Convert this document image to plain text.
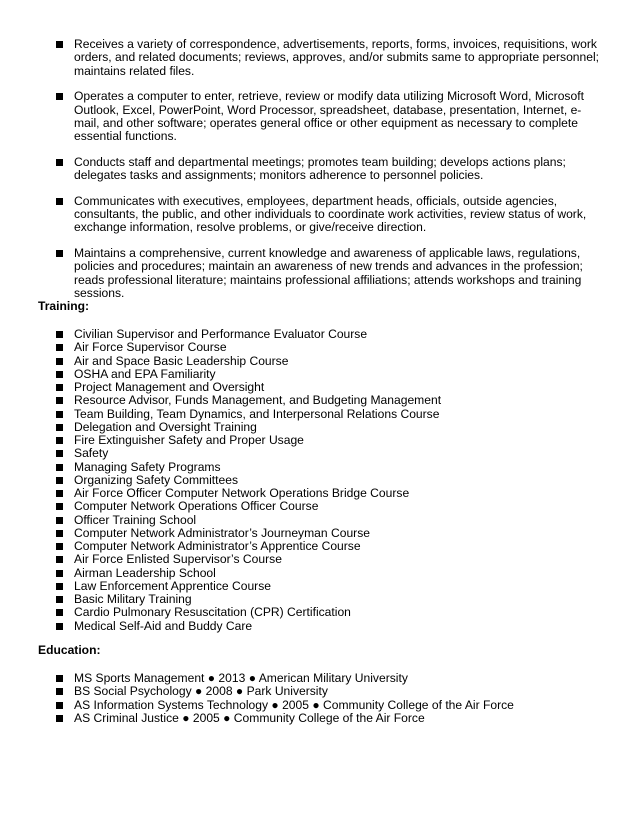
Receives a variety of correspondence, advertisements, reports, forms, invoices, requisitions, work orders, and related documents; reviews, approves, and/or submits same to appropriate personnel; maintains related files.
Operates a computer to enter, retrieve, review or modify data utilizing Microsoft Word, Microsoft Outlook, Excel, PowerPoint, Word Processor, spreadsheet, database, presentation, Internet, e-mail, and other software; operates general office or other equipment as necessary to complete essential functions.
Conducts staff and departmental meetings; promotes team building; develops actions plans; delegates tasks and assignments; monitors adherence to personnel policies.
Communicates with executives, employees, department heads, officials, outside agencies, consultants, the public, and other individuals to coordinate work activities, review status of work, exchange information, resolve problems, or give/receive direction.
Maintains a comprehensive, current knowledge and awareness of applicable laws, regulations, policies and procedures; maintain an awareness of new trends and advances in the profession; reads professional literature; maintains professional affiliations; attends workshops and training sessions.
Training:
Civilian Supervisor and Performance Evaluator Course
Air Force Supervisor Course
Air and Space Basic Leadership Course
OSHA and EPA Familiarity
Project Management and Oversight
Resource Advisor, Funds Management, and Budgeting Management
Team Building, Team Dynamics, and Interpersonal Relations Course
Delegation and Oversight Training
Fire Extinguisher Safety and Proper Usage
Safety
Managing Safety Programs
Organizing Safety Committees
Air Force Officer Computer Network Operations Bridge Course
Computer Network Operations Officer Course
Officer Training School
Computer Network Administrator’s Journeyman Course
Computer Network Administrator’s Apprentice Course
Air Force Enlisted Supervisor’s Course
Airman Leadership School
Law Enforcement Apprentice Course
Basic Military Training
Cardio Pulmonary Resuscitation (CPR) Certification
Medical Self-Aid and Buddy Care
Education:
MS Sports Management ● 2013 ● American Military University
BS Social Psychology ● 2008 ● Park University
AS Information Systems Technology ● 2005 ● Community College of the Air Force
AS Criminal Justice ● 2005 ● Community College of the Air Force
